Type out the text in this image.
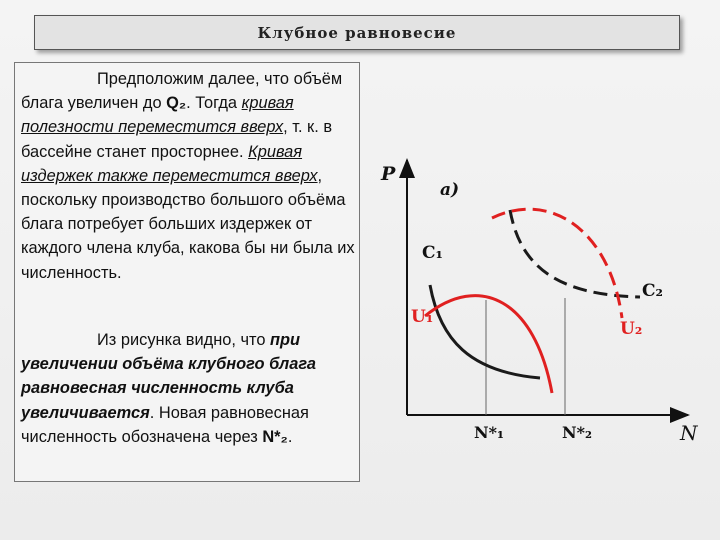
Клубное равновесие

Предположим далее, что объём блага увеличен до Q₂. Тогда кривая полезности переместится вверх, т. к. в бассейне станет просторнее. Кривая издержек также переместится вверх, поскольку производство большого объёма блага потребует больших издержек от каждого члена клуба, какова бы ни была их численность.

Из рисунка видно, что при увеличении объёма клубного блага равновесная численность клуба увеличивается. Новая равновесная численность обозначена через N*₂.

P
а)
C₁
C₂
U₁
U₂
N*₁	N*₂	N
